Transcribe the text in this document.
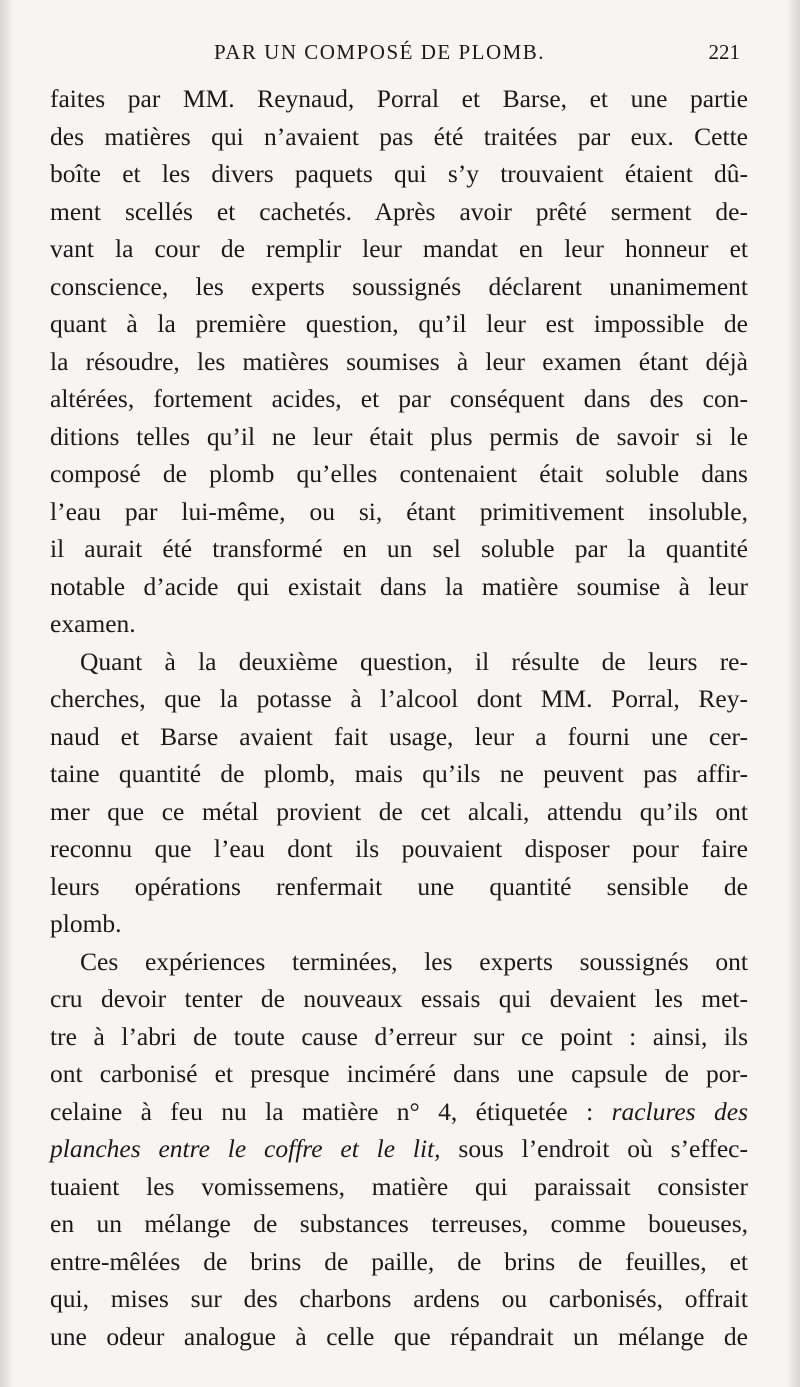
PAR UN COMPOSÉ DE PLOMB.	221

faites par MM. Reynaud, Porral et Barse, et une partie
des matières qui n’avaient pas été traitées par eux. Cette
boîte et les divers paquets qui s’y trouvaient étaient dû-
ment scellés et cachetés. Après avoir prêté serment de-
vant la cour de remplir leur mandat en leur honneur et
conscience, les experts soussignés déclarent unanimement
quant à la première question, qu’il leur est impossible de
la résoudre, les matières soumises à leur examen étant déjà
altérées, fortement acides, et par conséquent dans des con-
ditions telles qu’il ne leur était plus permis de savoir si le
composé de plomb qu’elles contenaient était soluble dans
l’eau par lui-même, ou si, étant primitivement insoluble,
il aurait été transformé en un sel soluble par la quantité
notable d’acide qui existait dans la matière soumise à leur
examen.

Quant à la deuxième question, il résulte de leurs re-
cherches, que la potasse à l’alcool dont MM. Porral, Rey-
naud et Barse avaient fait usage, leur a fourni une cer-
taine quantité de plomb, mais qu’ils ne peuvent pas affir-
mer que ce métal provient de cet alcali, attendu qu’ils ont
reconnu que l’eau dont ils pouvaient disposer pour faire
leurs opérations renfermait une quantité sensible de
plomb.

Ces expériences terminées, les experts soussignés ont
cru devoir tenter de nouveaux essais qui devaient les met-
tre à l’abri de toute cause d’erreur sur ce point : ainsi, ils
ont carbonisé et presque inciméré dans une capsule de por-
celaine à feu nu la matière n° 4, étiquetée : raclures des
planches entre le coffre et le lit, sous l’endroit où s’effec-
tuaient les vomissemens, matière qui paraissait consister
en un mélange de substances terreuses, comme boueuses,
entre-mêlées de brins de paille, de brins de feuilles, et
qui, mises sur des charbons ardens ou carbonisés, offrait
une odeur analogue à celle que répandrait un mélange de
